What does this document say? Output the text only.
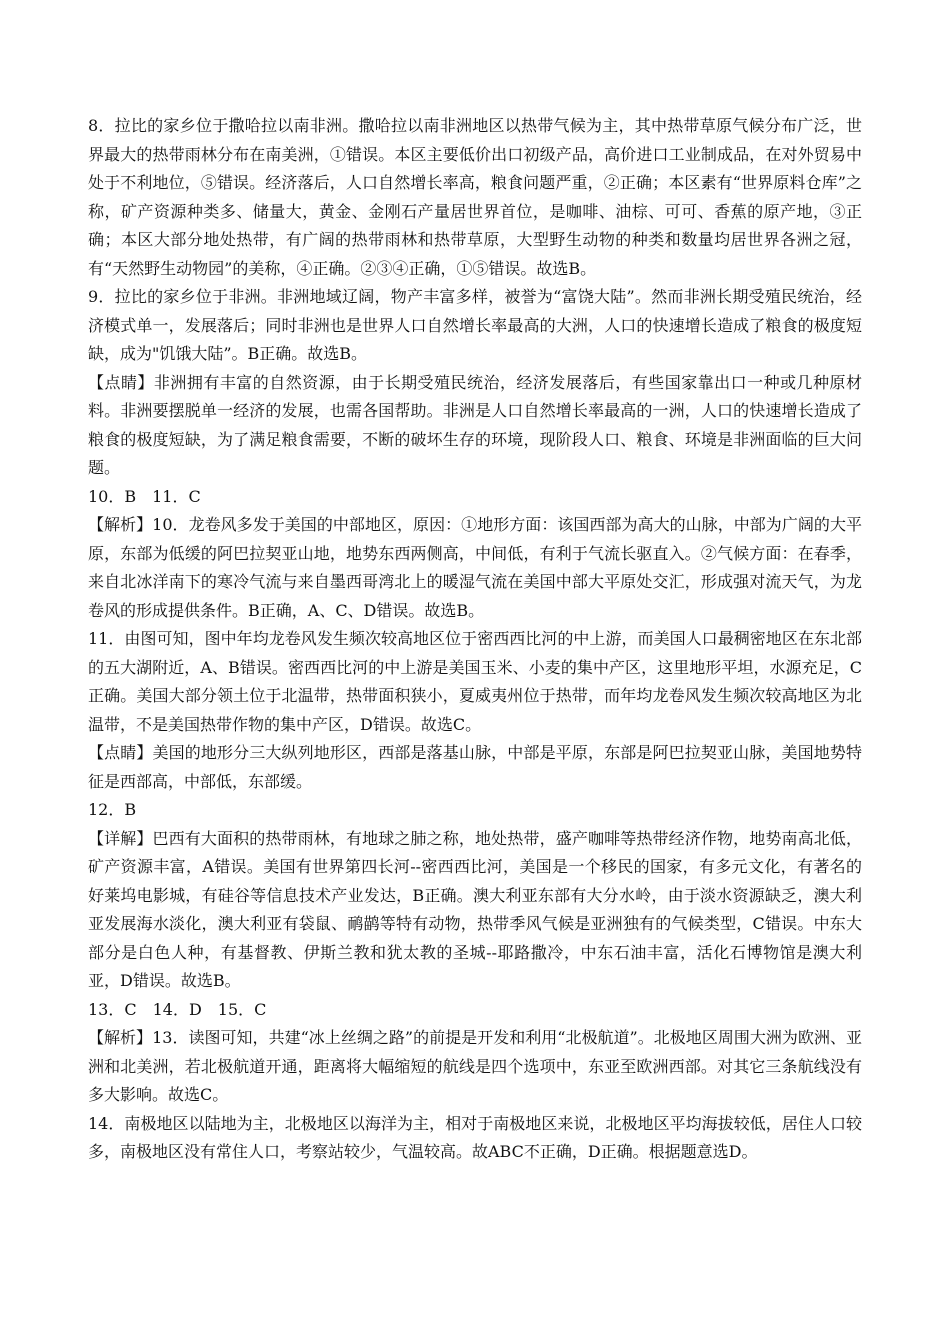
8．拉比的家乡位于撒哈拉以南非洲。撒哈拉以南非洲地区以热带气候为主，其中热带草原气候分布广泛，世界最大的热带雨林分布在南美洲，①错误。本区主要低价出口初级产品，高价进口工业制成品，在对外贸易中处于不利地位，⑤错误。经济落后，人口自然增长率高，粮食问题严重，②正确；本区素有“世界原料仓库”之称，矿产资源种类多、储量大，黄金、金刚石产量居世界首位，是咖啡、油棕、可可、香蕉的原产地，③正确；本区大部分地处热带，有广阔的热带雨林和热带草原，大型野生动物的种类和数量均居世界各洲之冠，有“天然野生动物园”的美称，④正确。②③④正确，①⑤错误。故选B。

9．拉比的家乡位于非洲。非洲地域辽阔，物产丰富多样，被誉为“富饶大陆”。然而非洲长期受殖民统治，经济模式单一，发展落后；同时非洲也是世界人口自然增长率最高的大洲，人口的快速增长造成了粮食的极度短缺，成为"饥饿大陆”。B正确。故选B。

【点睛】非洲拥有丰富的自然资源，由于长期受殖民统治，经济发展落后，有些国家靠出口一种或几种原材料。非洲要摆脱单一经济的发展，也需各国帮助。非洲是人口自然增长率最高的一洲，人口的快速增长造成了粮食的极度短缺，为了满足粮食需要，不断的破坏生存的环境，现阶段人口、粮食、环境是非洲面临的巨大问题。

10．B　11．C

【解析】10．龙卷风多发于美国的中部地区，原因：①地形方面：该国西部为高大的山脉，中部为广阔的大平原，东部为低缓的阿巴拉契亚山地，地势东西两侧高，中间低，有利于气流长驱直入。②气候方面：在春季，来自北冰洋南下的寒冷气流与来自墨西哥湾北上的暖湿气流在美国中部大平原处交汇，形成强对流天气，为龙卷风的形成提供条件。B正确，A、C、D错误。故选B。

11．由图可知，图中年均龙卷风发生频次较高地区位于密西西比河的中上游，而美国人口最稠密地区在东北部的五大湖附近，A、B错误。密西西比河的中上游是美国玉米、小麦的集中产区，这里地形平坦，水源充足，C正确。美国大部分领土位于北温带，热带面积狭小，夏威夷州位于热带，而年均龙卷风发生频次较高地区为北温带，不是美国热带作物的集中产区，D错误。故选C。

【点睛】美国的地形分三大纵列地形区，西部是落基山脉，中部是平原，东部是阿巴拉契亚山脉，美国地势特征是西部高，中部低，东部缓。

12．B

【详解】巴西有大面积的热带雨林，有地球之肺之称，地处热带，盛产咖啡等热带经济作物，地势南高北低，矿产资源丰富，A错误。美国有世界第四长河--密西西比河，美国是一个移民的国家，有多元文化，有著名的好莱坞电影城，有硅谷等信息技术产业发达，B正确。澳大利亚东部有大分水岭，由于淡水资源缺乏，澳大利亚发展海水淡化，澳大利亚有袋鼠、鸸鹋等特有动物，热带季风气候是亚洲独有的气候类型，C错误。中东大部分是白色人种，有基督教、伊斯兰教和犹太教的圣城--耶路撒冷，中东石油丰富，活化石博物馆是澳大利亚，D错误。故选B。

13．C　14．D　15．C

【解析】13．读图可知，共建“冰上丝绸之路”的前提是开发和利用“北极航道”。北极地区周围大洲为欧洲、亚洲和北美洲，若北极航道开通，距离将大幅缩短的航线是四个选项中，东亚至欧洲西部。对其它三条航线没有多大影响。故选C。

14．南极地区以陆地为主，北极地区以海洋为主，相对于南极地区来说，北极地区平均海拔较低，居住人口较多，南极地区没有常住人口，考察站较少，气温较高。故ABC不正确，D正确。根据题意选D。
